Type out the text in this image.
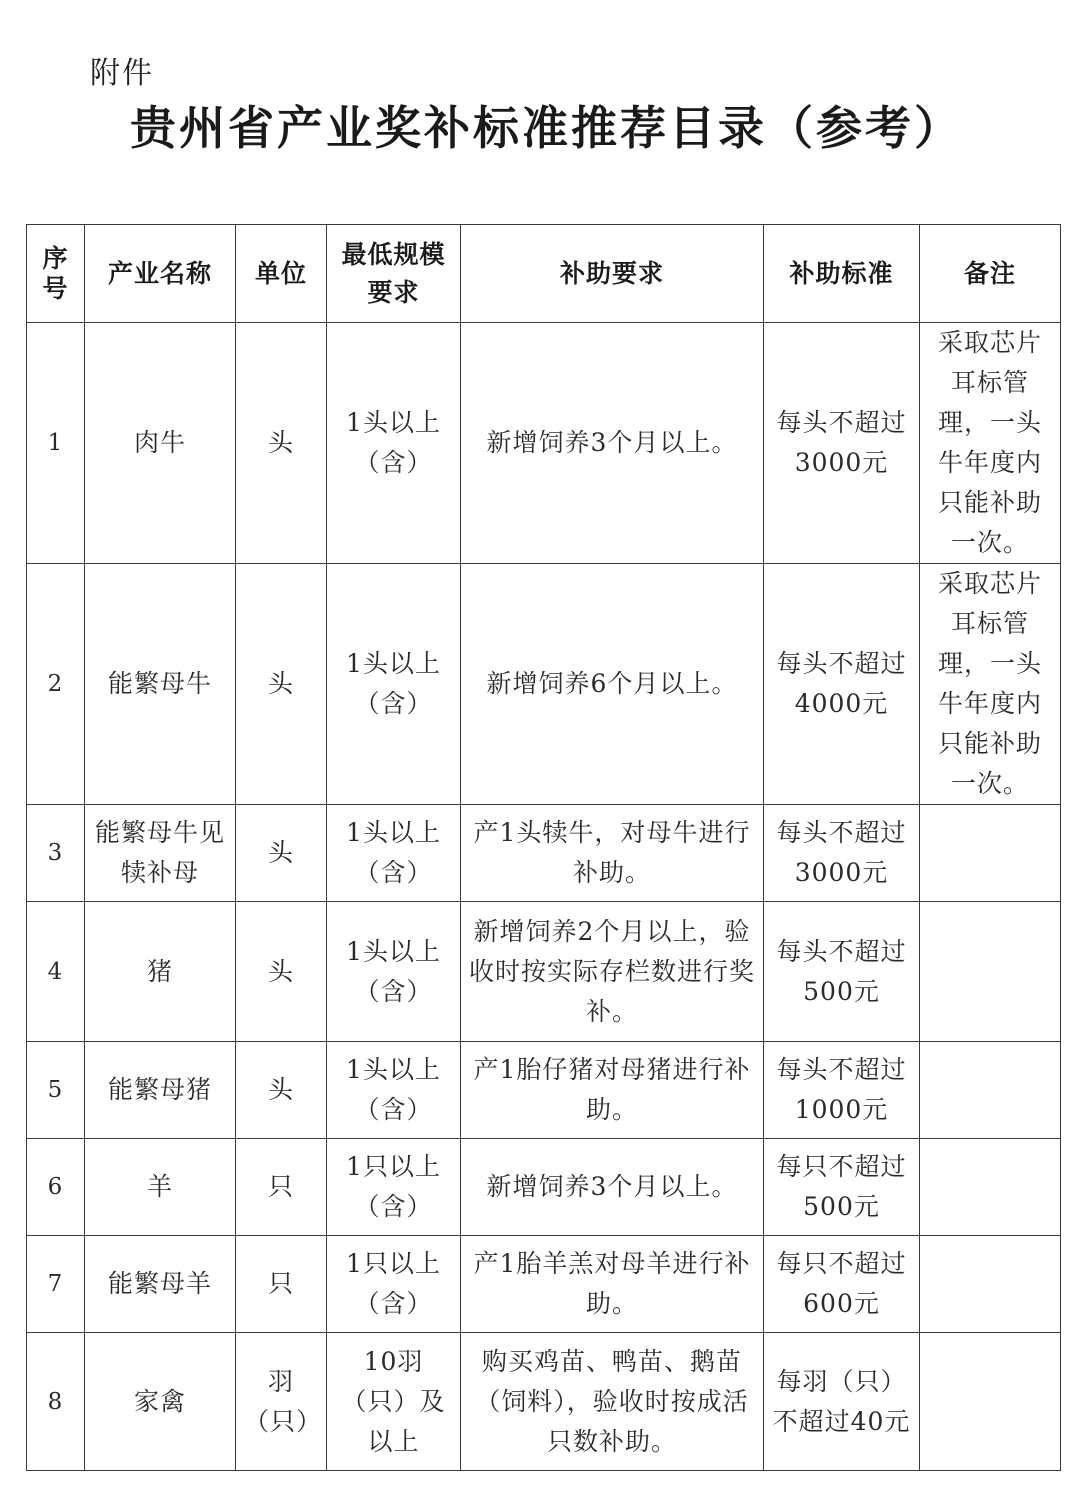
附件
贵州省产业奖补标准推荐目录（参考）
序号	产业名称	单位	最低规模要求	补助要求	补助标准	备注
1	肉牛	头	1头以上（含）	新增饲养3个月以上。	每头不超过3000元	采取芯片耳标管理，一头牛年度内只能补助一次。
2	能繁母牛	头	1头以上（含）	新增饲养6个月以上。	每头不超过4000元	采取芯片耳标管理，一头牛年度内只能补助一次。
3	能繁母牛见犊补母	头	1头以上（含）	产1头犊牛，对母牛进行补助。	每头不超过3000元	
4	猪	头	1头以上（含）	新增饲养2个月以上，验收时按实际存栏数进行奖补。	每头不超过500元	
5	能繁母猪	头	1头以上（含）	产1胎仔猪对母猪进行补助。	每头不超过1000元	
6	羊	只	1只以上（含）	新增饲养3个月以上。	每只不超过500元	
7	能繁母羊	只	1只以上（含）	产1胎羊羔对母羊进行补助。	每只不超过600元	
8	家禽	羽（只）	10羽（只）及以上	购买鸡苗、鸭苗、鹅苗（饲料），验收时按成活只数补助。	每羽（只）不超过40元	
